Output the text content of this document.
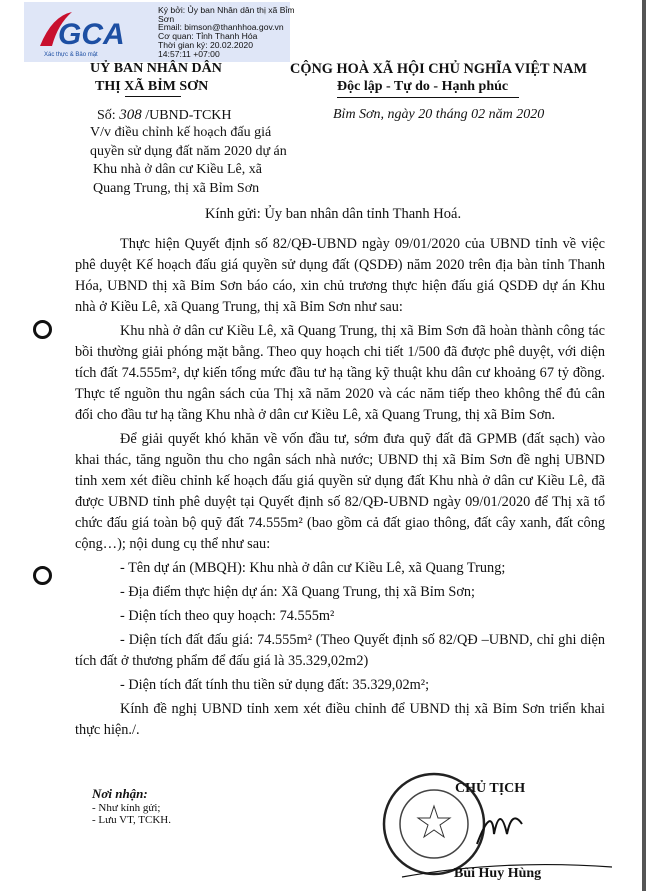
GCA
Xác thực & Bảo mật
Ký bởi: Ủy ban Nhân dân thị xã Bỉm Sơn
Email: bimson@thanhhoa.gov.vn
Cơ quan: Tỉnh Thanh Hóa
Thời gian ký: 20.02.2020
14:57:11 +07:00
UỶ BAN NHÂN DÂN
THỊ XÃ BỈM SƠN
CỘNG HOÀ XÃ HỘI CHỦ NGHĨA VIỆT NAM
Độc lập - Tự do - Hạnh phúc
Số: 308 /UBND-TCKH
V/v điều chỉnh kế hoạch đấu giá
quyền sử dụng đất năm 2020 dự án
Khu nhà ở dân cư Kiều Lê, xã
Quang Trung, thị xã Bỉm Sơn
Bỉm Sơn, ngày 20 tháng 02 năm 2020
Kính gửi: Ủy ban nhân dân tỉnh Thanh Hoá.

Thực hiện Quyết định số 82/QĐ-UBND ngày 09/01/2020 của UBND tỉnh về việc phê duyệt Kế hoạch đấu giá quyền sử dụng đất (QSDĐ) năm 2020 trên địa bàn tỉnh Thanh Hóa, UBND thị xã Bỉm Sơn báo cáo, xin chủ trương thực hiện đấu giá QSDĐ dự án Khu nhà ở Kiều Lê, xã Quang Trung, thị xã Bỉm Sơn như sau:

Khu nhà ở dân cư Kiều Lê, xã Quang Trung, thị xã Bỉm Sơn đã hoàn thành công tác bồi thường giải phóng mặt bằng. Theo quy hoạch chi tiết 1/500 đã được phê duyệt, với diện tích đất 74.555m², dự kiến tổng mức đầu tư hạ tầng kỹ thuật khu dân cư khoảng 67 tỷ đồng. Thực tế nguồn thu ngân sách của Thị xã năm 2020 và các năm tiếp theo không thể đủ cân đối cho đầu tư hạ tầng Khu nhà ở dân cư Kiều Lê, xã Quang Trung, thị xã Bỉm Sơn.

Để giải quyết khó khăn về vốn đầu tư, sớm đưa quỹ đất đã GPMB (đất sạch) vào khai thác, tăng nguồn thu cho ngân sách nhà nước; UBND thị xã Bỉm Sơn đề nghị UBND tỉnh xem xét điều chỉnh kế hoạch đấu giá quyền sử dụng đất Khu nhà ở dân cư Kiều Lê, đã được UBND tỉnh phê duyệt tại Quyết định số 82/QĐ-UBND ngày 09/01/2020 để Thị xã tổ chức đấu giá toàn bộ quỹ đất 74.555m² (bao gồm cả đất giao thông, đất cây xanh, đất công cộng…); nội dung cụ thể như sau:

- Tên dự án (MBQH): Khu nhà ở dân cư Kiều Lê, xã Quang Trung;

- Địa điểm thực hiện dự án: Xã Quang Trung, thị xã Bỉm Sơn;

- Diện tích theo quy hoạch: 74.555m²

- Diện tích đất đấu giá: 74.555m² (Theo Quyết định số 82/QĐ –UBND, chỉ ghi diện tích đất ở thương phẩm để đấu giá là 35.329,02m2)

- Diện tích đất tính thu tiền sử dụng đất: 35.329,02m²;

Kính đề nghị UBND tỉnh xem xét điều chỉnh để UBND thị xã Bỉm Sơn triển khai thực hiện./.

Nơi nhận:
- Như kính gửi;
- Lưu VT, TCKH.
CHỦ TỊCH
Bùi Huy Hùng
